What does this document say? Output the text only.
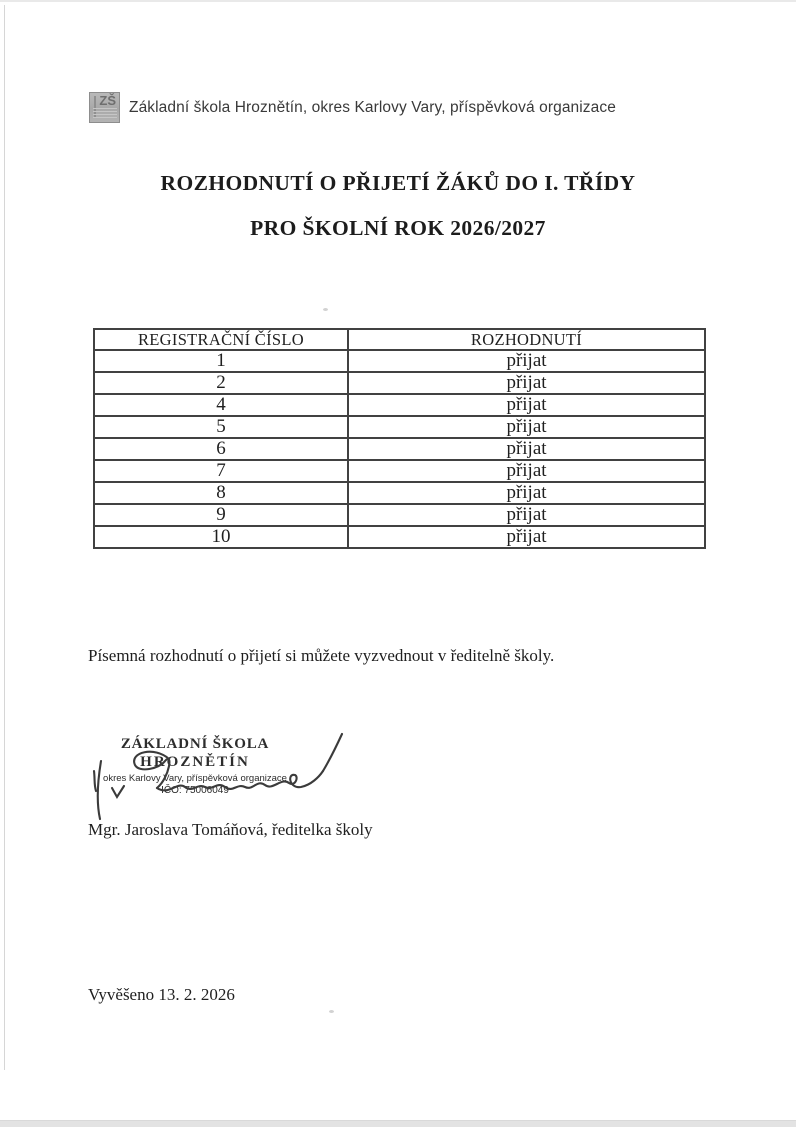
ZŠ Základní škola Hroznětín, okres Karlovy Vary, příspěvková organizace
ROZHODNUTÍ O PŘIJETÍ ŽÁKŮ DO I. TŘÍDY
PRO ŠKOLNÍ ROK 2026/2027
REGISTRAČNÍ ČÍSLO	ROZHODNUTÍ
1	přijat
2	přijat
4	přijat
5	přijat
6	přijat
7	přijat
8	přijat
9	přijat
10	přijat
Písemná rozhodnutí o přijetí si můžete vyzvednout v ředitelně školy.
ZÁKLADNÍ ŠKOLA
HROZNĚTÍN
okres Karlovy Vary, příspěvková organizace
IČO: 75006049
Mgr. Jaroslava Tomáňová, ředitelka školy
Vyvěšeno 13. 2. 2026
